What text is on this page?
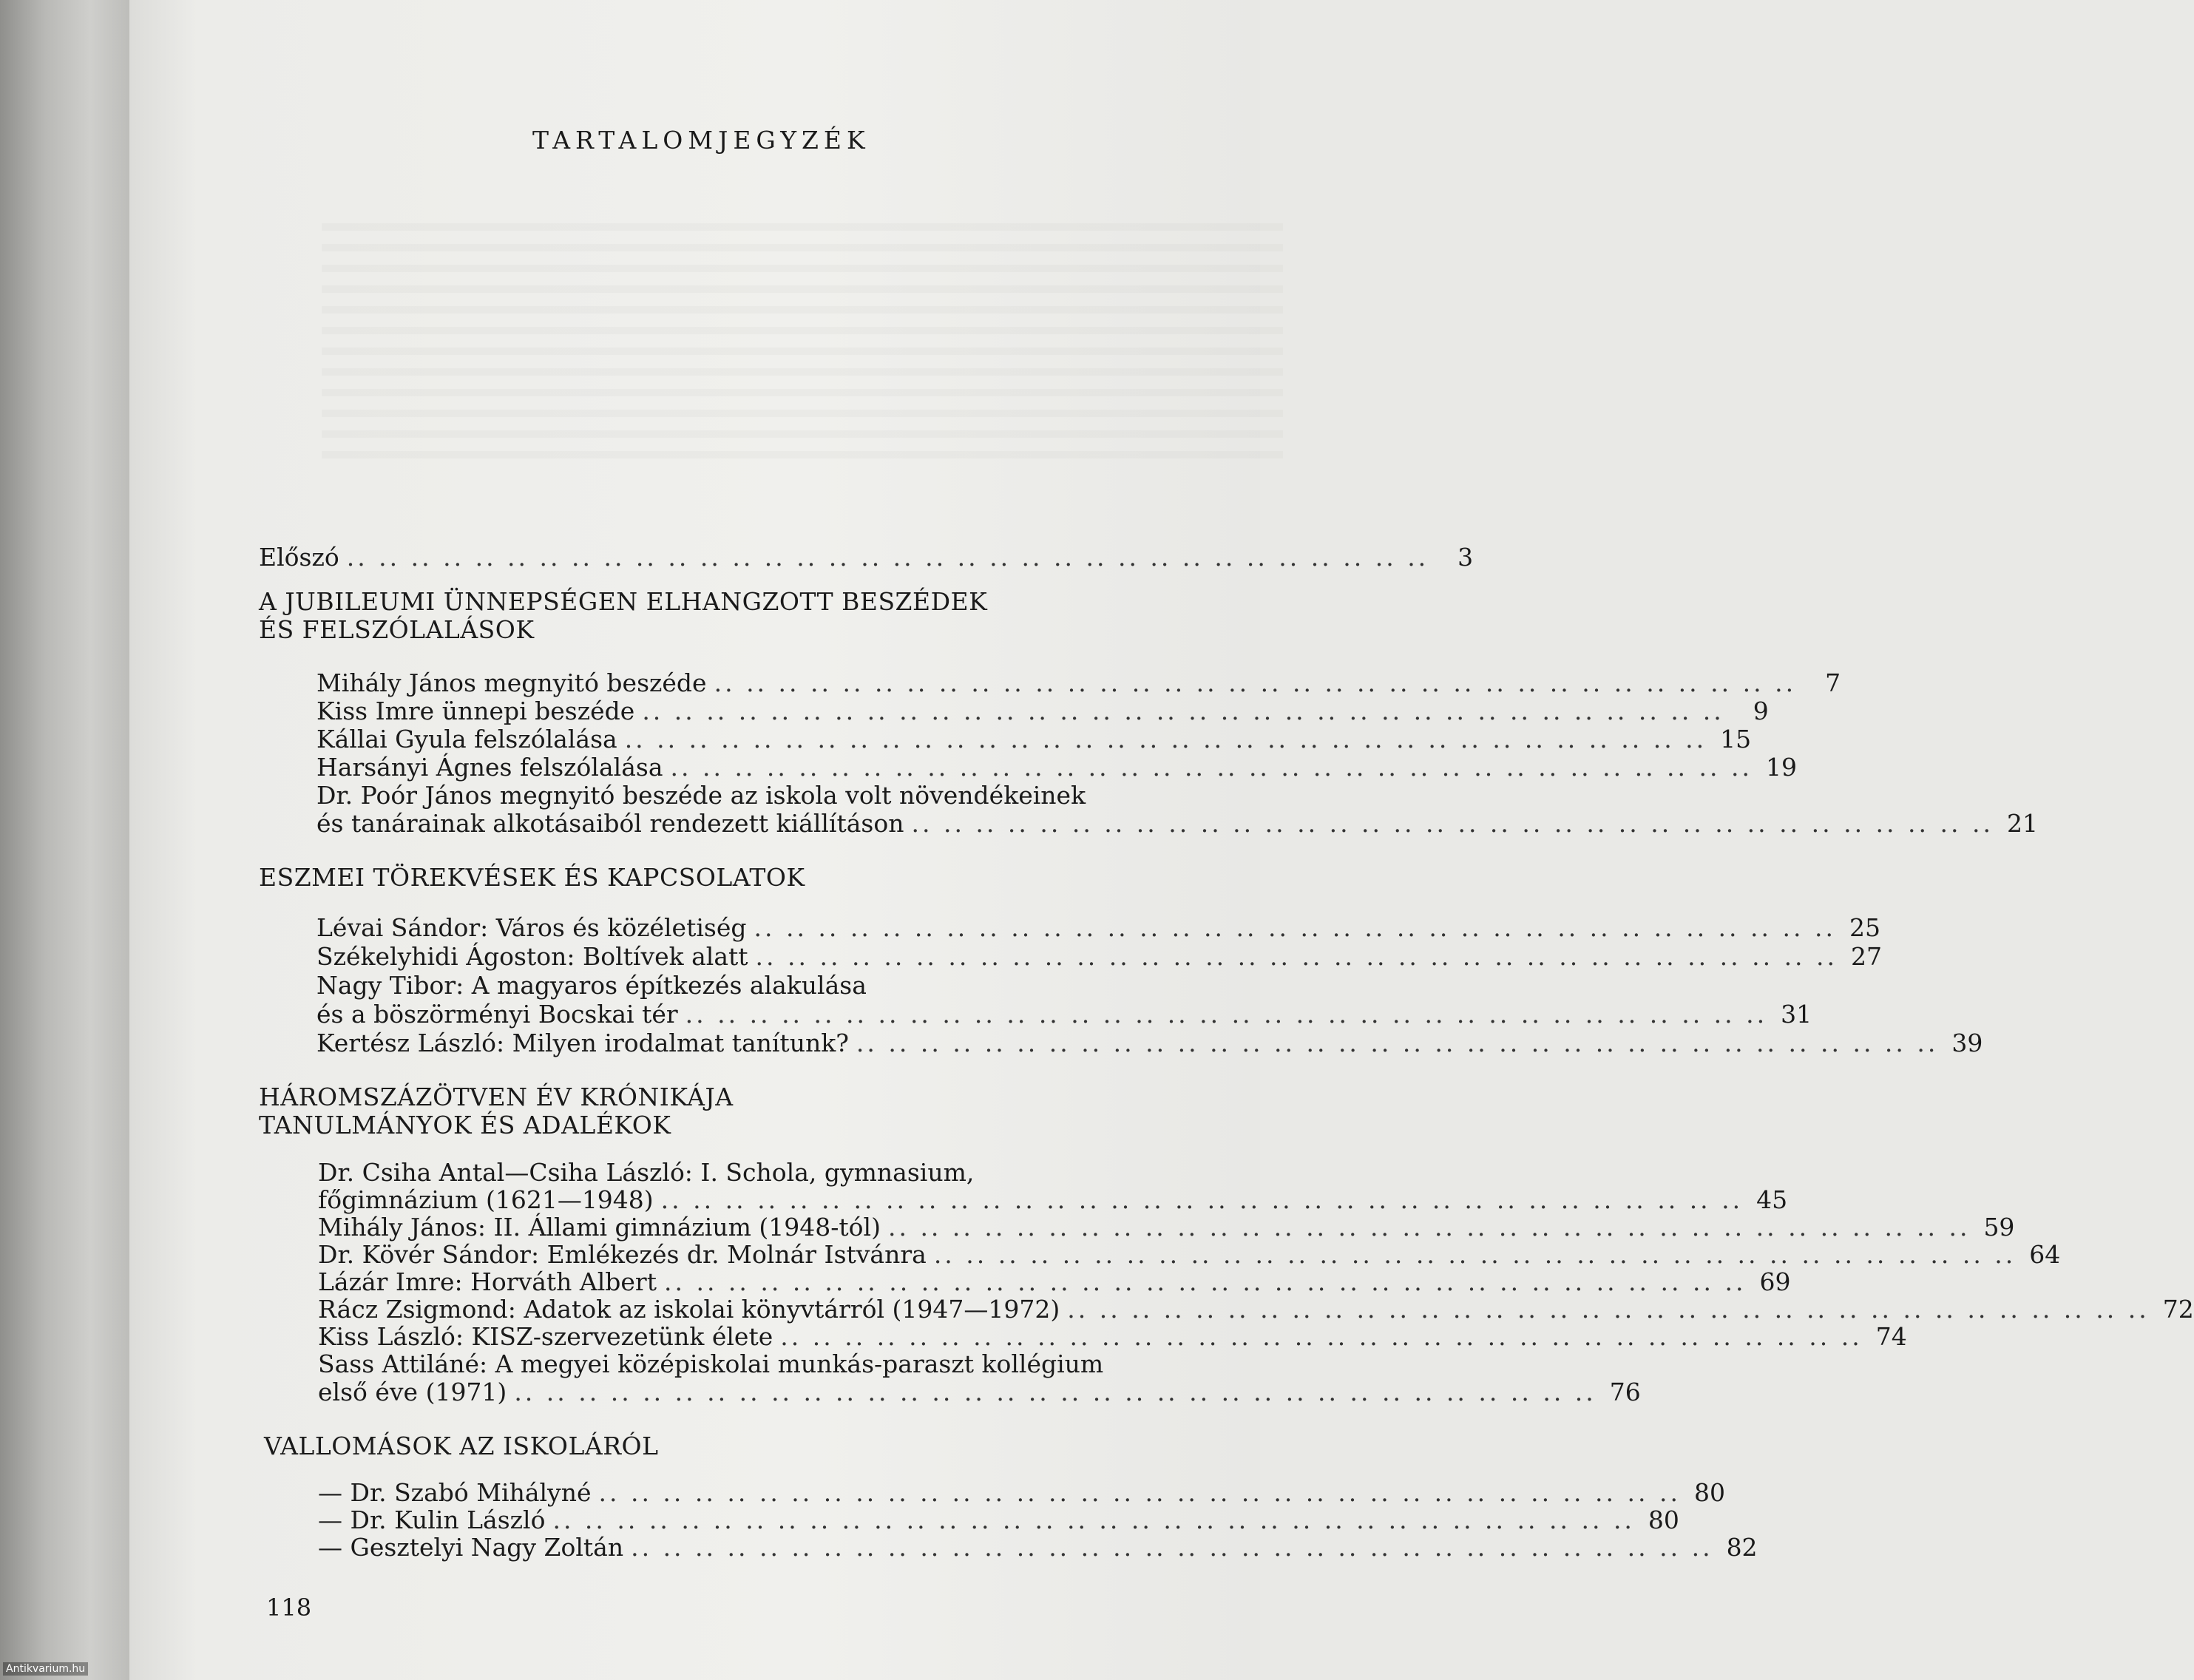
TARTALOMJEGYZÉK
Előszó .. ..	3
A JUBILEUMI ÜNNEPSÉGEN ELHANGZOTT BESZÉDEK
ÉS FELSZÓLALÁSOK
Mihály János megnyitó beszéde .. ..	7
Kiss Imre ünnepi beszéde .. ..	9
Kállai Gyula felszólalása .. ..	15
Harsányi Ágnes felszólalása .. ..	19
Dr. Poór János megnyitó beszéde az iskola volt növendékeinek
és tanárainak alkotásaiból rendezett kiállításon .. ..	21
ESZMEI TÖREKVÉSEK ÉS KAPCSOLATOK
Lévai Sándor: Város és közéletiség .. ..	25
Székelyhidi Ágoston: Boltívek alatt .. ..	27
Nagy Tibor: A magyaros építkezés alakulása
és a böszörményi Bocskai tér .. ..	31
Kertész László: Milyen irodalmat tanítunk? .. ..	39
HÁROMSZÁZÖTVEN ÉV KRÓNIKÁJA
TANULMÁNYOK ÉS ADALÉKOK
Dr. Csiha Antal—Csiha László: I. Schola, gymnasium,
főgimnázium (1621—1948) .. ..	45
Mihály János: II. Állami gimnázium (1948-tól) .. ..	59
Dr. Kövér Sándor: Emlékezés dr. Molnár Istvánra .. ..	64
Lázár Imre: Horváth Albert .. ..	69
Rácz Zsigmond: Adatok az iskolai könyvtárról (1947—1972) .. ..	72
Kiss László: KISZ-szervezetünk élete .. ..	74
Sass Attiláné: A megyei középiskolai munkás-paraszt kollégium
első éve (1971) .. ..	76
VALLOMÁSOK AZ ISKOLÁRÓL
— Dr. Szabó Mihályné .. ..	80
— Dr. Kulin László .. ..	80
— Gesztelyi Nagy Zoltán .. ..	82
118
Antikvarium.hu
